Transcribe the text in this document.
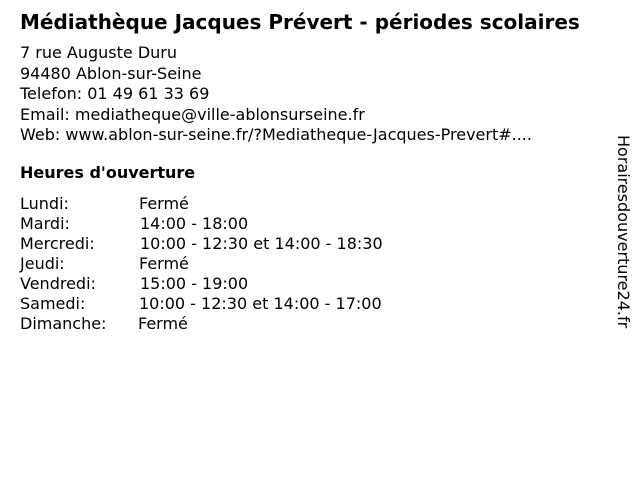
Médiathèque Jacques Prévert - périodes scolaires
7 rue Auguste Duru
94480 Ablon-sur-Seine
Telefon: 01 49 61 33 69
Email: mediatheque@ville-ablonsurseine.fr
Web: www.ablon-sur-seine.fr/?Mediatheque-Jacques-Prevert#....
Heures d'ouverture
Lundi:	Fermé
Mardi:	14:00 - 18:00
Mercredi:	10:00 - 12:30 et 14:00 - 18:30
Jeudi:	Fermé
Vendredi:	15:00 - 19:00
Samedi:	10:00 - 12:30 et 14:00 - 17:00
Dimanche: Fermé	Horairesdouverture24.fr
